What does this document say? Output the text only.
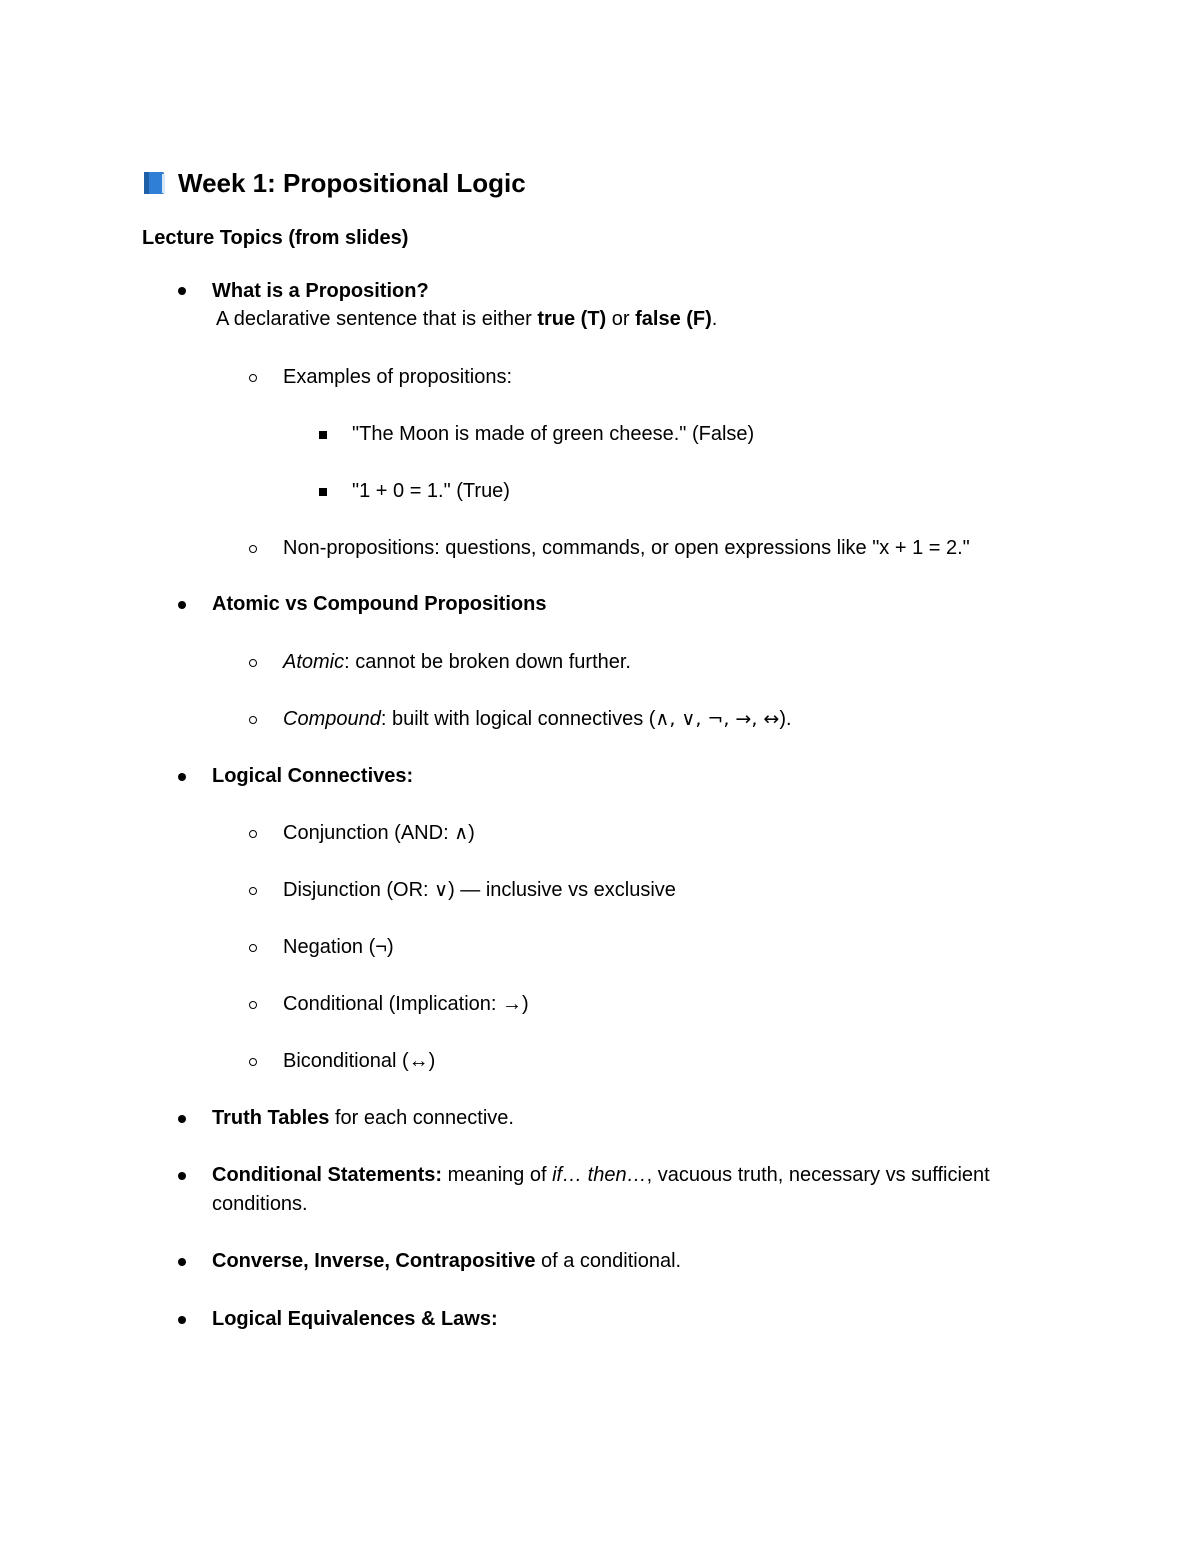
Week 1: Propositional Logic
Lecture Topics (from slides)
What is a Proposition?
A declarative sentence that is either true (T) or false (F).
Examples of propositions:
"The Moon is made of green cheese." (False)
"1 + 0 = 1." (True)
Non-propositions: questions, commands, or open expressions like "x + 1 = 2."
Atomic vs Compound Propositions
Atomic: cannot be broken down further.
Compound: built with logical connectives (∧, ∨, ¬, →, ↔).
Logical Connectives:
Conjunction (AND: ∧)
Disjunction (OR: ∨) — inclusive vs exclusive
Negation (¬)
Conditional (Implication: →)
Biconditional (↔)
Truth Tables for each connective.
Conditional Statements: meaning of if… then…, vacuous truth, necessary vs sufficient
conditions.
Converse, Inverse, Contrapositive of a conditional.
Logical Equivalences & Laws:
